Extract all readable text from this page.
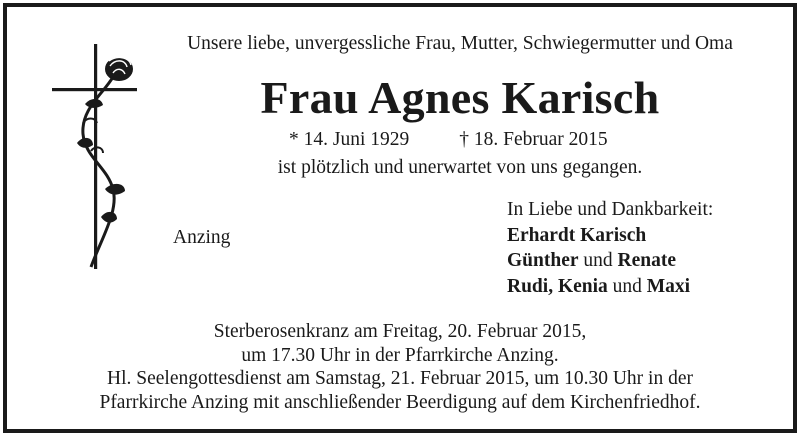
Unsere liebe, unvergessliche Frau, Mutter, Schwiegermutter und Oma
Frau Agnes Karisch
* 14. Juni 1929	† 18. Februar 2015
ist plötzlich und unerwartet von uns gegangen.
Anzing
In Liebe und Dankbarkeit:
Erhardt Karisch
Günther und Renate
Rudi, Kenia und Maxi
Sterberosenkranz am Freitag, 20. Februar 2015,
um 17.30 Uhr in der Pfarrkirche Anzing.
Hl. Seelengottesdienst am Samstag, 21. Februar 2015, um 10.30 Uhr in der
Pfarrkirche Anzing mit anschließender Beerdigung auf dem Kirchenfriedhof.
